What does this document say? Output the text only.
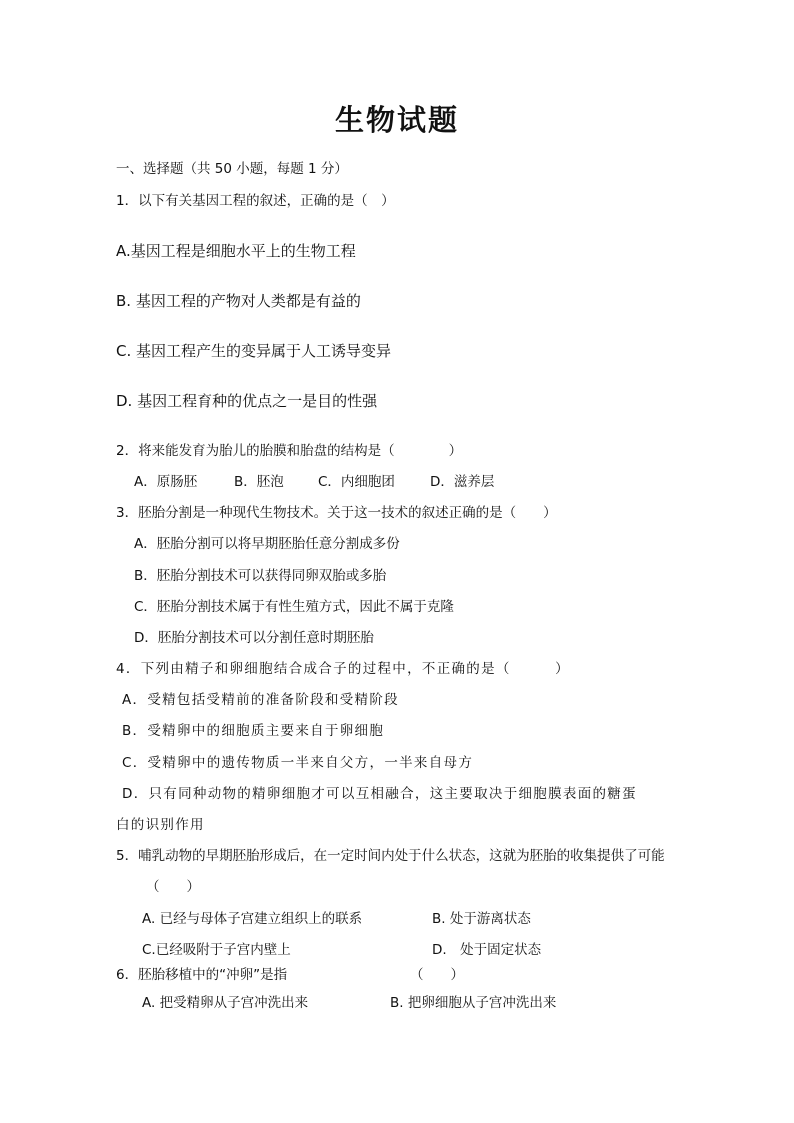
生物试题
一、选择题（共 50 小题，每题 1 分）
1．以下有关基因工程的叙述，正确的是（　）
A.基因工程是细胞水平上的生物工程
B. 基因工程的产物对人类都是有益的
C. 基因工程产生的变异属于人工诱导变异
D. 基因工程育种的优点之一是目的性强
2．将来能发育为胎儿的胎膜和胎盘的结构是（　　　　）
A．原肠胚	B．胚泡	C．内细胞团	D．滋养层
3．胚胎分割是一种现代生物技术。关于这一技术的叙述正确的是（　　）
A．胚胎分割可以将早期胚胎任意分割成多份
B．胚胎分割技术可以获得同卵双胎或多胎
C．胚胎分割技术属于有性生殖方式，因此不属于克隆
D．胚胎分割技术可以分割任意时期胚胎
4．下列由精子和卵细胞结合成合子的过程中，不正确的是（　　　）
A．受精包括受精前的准备阶段和受精阶段
B．受精卵中的细胞质主要来自于卵细胞
C．受精卵中的遗传物质一半来自父方，一半来自母方
D．只有同种动物的精卵细胞才可以互相融合，这主要取决于细胞膜表面的糖蛋
白的识别作用
5．哺乳动物的早期胚胎形成后，在一定时间内处于什么状态，这就为胚胎的收集提供了可能
（　　）
A. 已经与母体子宫建立组织上的联系	B. 处于游离状态
C.已经吸附于子宫内壁上	D.　处于固定状态
6．胚胎移植中的“冲卵”是指	（　　）
A. 把受精卵从子宫冲洗出来	B. 把卵细胞从子宫冲洗出来
